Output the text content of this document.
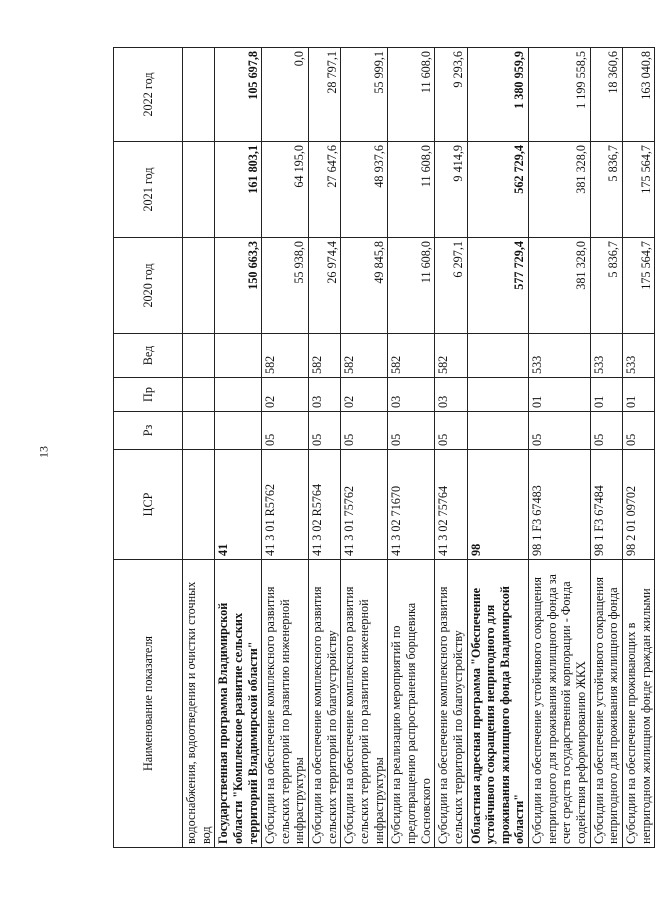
13
Наименование показателя	ЦСР	Рз	Пр	Вед	2020 год	2021 год	2022 год
водоснабжения, водоотведения и очистки сточных вод							
Государственная программа Владимирской области "Комплексное развитие сельских территорий Владимирской области"	41				150 663,3	161 803,1	105 697,8
Субсидии на обеспечение комплексного развития сельских территорий по развитию инженерной инфраструктуры	41 3 01 R5762	05	02	582	55 938,0	64 195,0	0,0
Субсидии на обеспечение комплексного развития сельских территорий по благоустройству	41 3 02 R5764	05	03	582	26 974,4	27 647,6	28 797,1
Субсидии на обеспечение комплексного развития сельских территорий по развитию инженерной инфраструктуры	41 3 01 75762	05	02	582	49 845,8	48 937,6	55 999,1
Субсидии на реализацию мероприятий по предотвращению распространения борщевика Сосновского	41 3 02 71670	05	03	582	11 608,0	11 608,0	11 608,0
Субсидии на обеспечение комплексного развития сельских территорий по благоустройству	41 3 02 75764	05	03	582	6 297,1	9 414,9	9 293,6
Областная адресная программа "Обеспечение устойчивого сокращения непригодного для проживания жилищного фонда Владимирской области"	98				577 729,4	562 729,4	1 380 959,9
Субсидии на обеспечение устойчивого сокращения непригодного для проживания жилищного фонда за счет средств государственной корпорации - Фонда содействия реформированию ЖКХ	98 1 F3 67483	05	01	533	381 328,0	381 328,0	1 199 558,5
Субсидии на обеспечение устойчивого сокращения непригодного для проживания жилищного фонда	98 1 F3 67484	05	01	533	5 836,7	5 836,7	18 360,6
Субсидии на обеспечение проживающих в непригодном жилищном фонде граждан жилыми	98 2 01 09702	05	01	533	175 564,7	175 564,7	163 040,8
